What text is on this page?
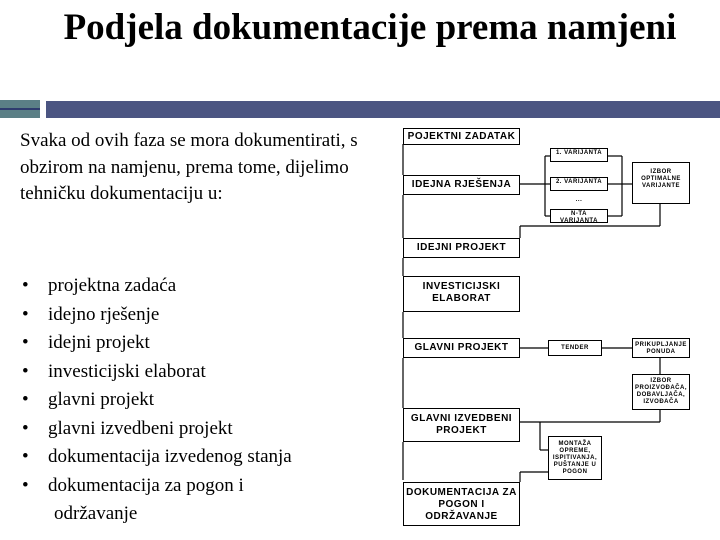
Podjela dokumentacije prema namjeni
Svaka od ovih faza se mora dokumentirati, s obzirom na namjenu, prema tome, dijelimo tehničku dokumentaciju u:
• projektna zadaća
• idejno rješenje
• idejni projekt
• investicijski elaborat
• glavni projekt
• glavni izvedbeni projekt
• dokumentacija izvedenog stanja
• dokumentacija za pogon i
održavanje
POJEKTNI ZADATAK
IDEJNA RJEŠENJA
IDEJNI PROJEKT
INVESTICIJSKI ELABORAT
GLAVNI PROJEKT
GLAVNI IZVEDBENI PROJEKT
DOKUMENTACIJA ZA POGON I ODRŽAVANJE
1. VARIJANTA
2. VARIJANTA
...
N-TA VARIJANTA
IZBOR OPTIMALNE VARIJANTE
TENDER	PRIKUPLJANJE PONUDA
IZBOR PROIZVOĐAČA, DOBAVLJAČA, IZVOĐAČA
MONTAŽA OPREME, ISPITIVANJA, PUŠTANJE U POGON
